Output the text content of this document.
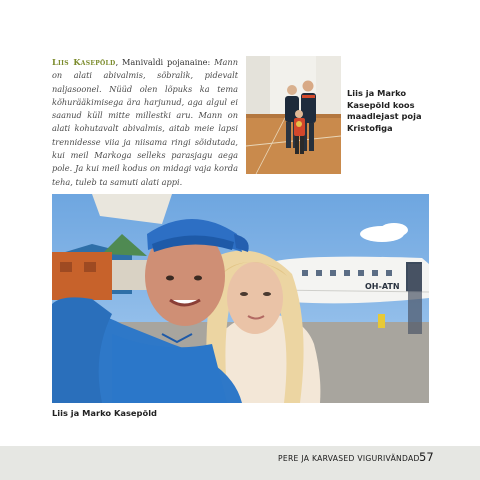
Liis Kasepõld, Manivaldi pojanaine: Mann on alati abivalmis, sõbralik, pidevalt naljasoonel. Nüüd olen lõpuks ka tema kõhurääkimisega ära harjunud, aga algul ei saanud küll mitte millestki aru. Mann on alati kohutavalt abivalmis, aitab meie lapsi trennidesse viia ja niisama ringi sõidutada, kui meil Markoga selleks parasjagu aega pole. Ja kui meil kodus on midagi vaja korda teha, tuleb ta samuti alati appi.

Liis ja Marko Kasepõld koos maadlejast poja Kristofiga

OH-ATN

Liis ja Marko Kasepõld

PERE JA KARVASED VIGURIVÄNDAD 57
